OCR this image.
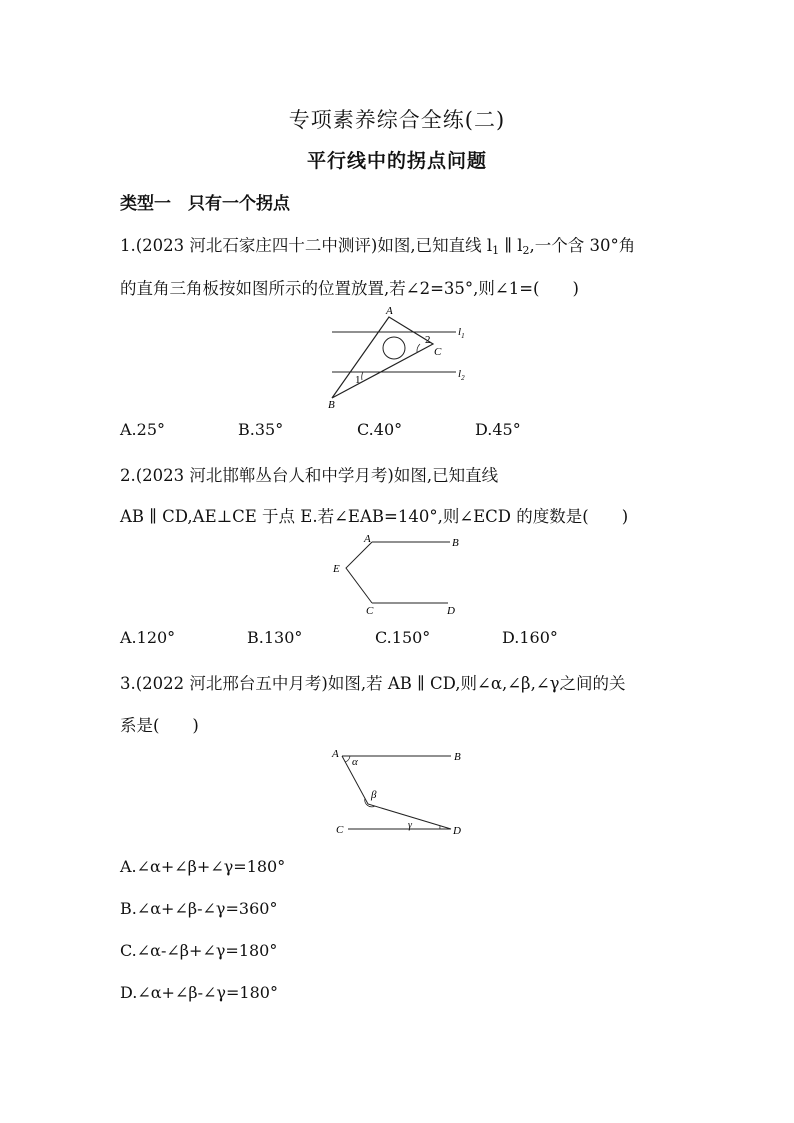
专项素养综合全练(二)
平行线中的拐点问题
类型一　只有一个拐点
1.(2023 河北石家庄四十二中测评)如图,已知直线 $l_1$ ∥ $l_2$,一个含 30°角
的直角三角板按如图所示的位置放置,若∠2=35°,则∠1=(　　)
A
B
C
1
2
$l_1$
$l_2$
A.25°	B.35°	C.40°	D.45°
2.(2023 河北邯郸丛台人和中学月考)如图,已知直线
AB ∥ CD,AE⊥CE 于点 E.若∠EAB=140°,则∠ECD 的度数是(　　)
A	B
E
C	D
A.120°	B.130°	C.150°	D.160°
3.(2022 河北邢台五中月考)如图,若 AB ∥ CD,则∠α,∠β,∠γ之间的关
系是(　　)
A	B
C	D
α
β
γ
A.∠α+∠β+∠γ=180°
B.∠α+∠β-∠γ=360°
C.∠α-∠β+∠γ=180°
D.∠α+∠β-∠γ=180°
